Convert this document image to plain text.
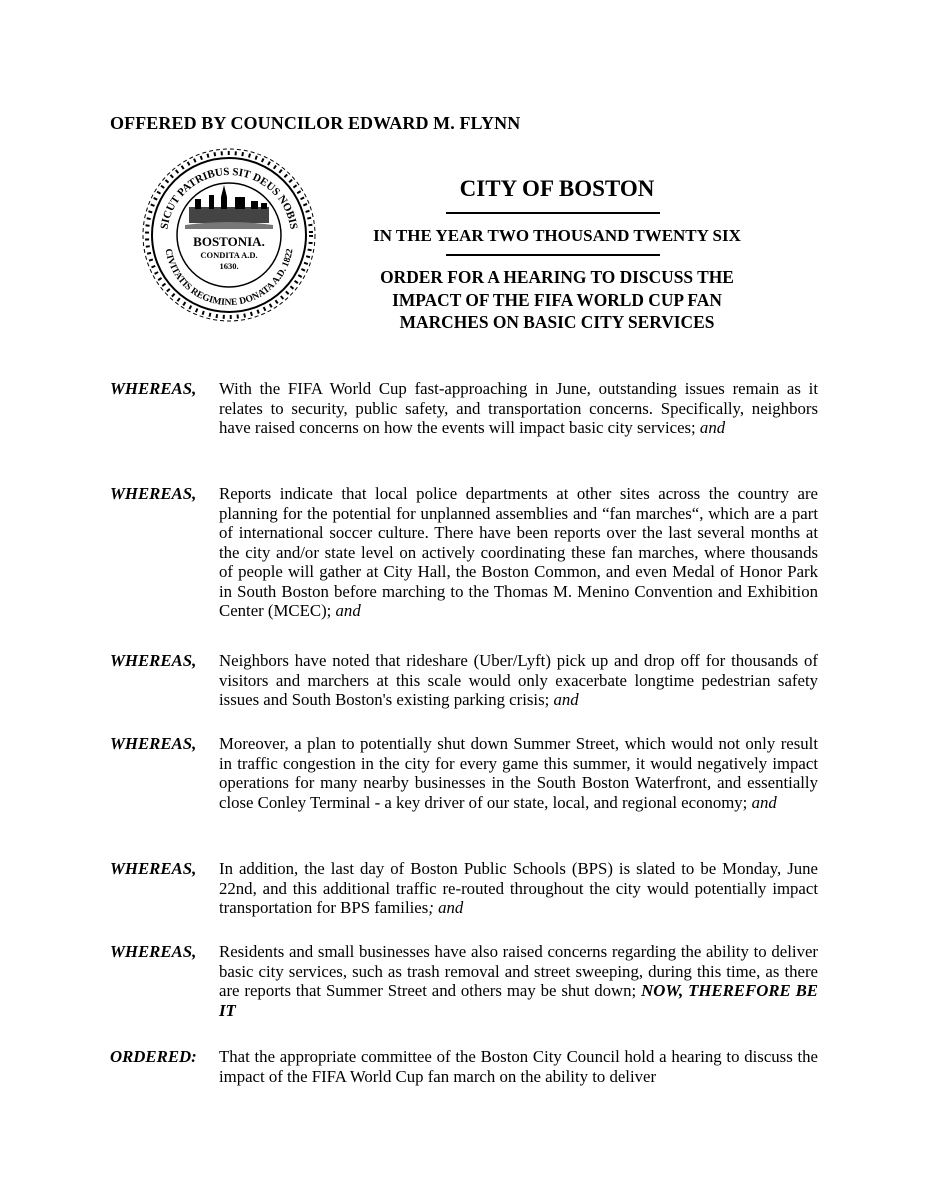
OFFERED BY COUNCILOR EDWARD M. FLYNN
SICUT PATRIBUS SIT DEUS NOBIS
CIVITATIS REGIMINE DONATA A.D. 1822
BOSTONIA.
CONDITA A.D.
1630.
CITY OF BOSTON
IN THE YEAR TWO THOUSAND TWENTY SIX
ORDER FOR A HEARING TO DISCUSS THE
IMPACT OF THE FIFA WORLD CUP FAN
MARCHES ON BASIC CITY SERVICES
WHEREAS, With the FIFA World Cup fast-approaching in June, outstanding issues remain as it relates to security, public safety, and transportation concerns. Specifically, neighbors have raised concerns on how the events will impact basic city services; and
WHEREAS, Reports indicate that local police departments at other sites across the country are planning for the potential for unplanned assemblies and “fan marches“, which are a part of international soccer culture. There have been reports over the last several months at the city and/or state level on actively coordinating these fan marches, where thousands of people will gather at City Hall, the Boston Common, and even Medal of Honor Park in South Boston before marching to the Thomas M. Menino Convention and Exhibition Center (MCEC); and
WHEREAS, Neighbors have noted that rideshare (Uber/Lyft) pick up and drop off for thousands of visitors and marchers at this scale would only exacerbate longtime pedestrian safety issues and South Boston's existing parking crisis; and
WHEREAS, Moreover, a plan to potentially shut down Summer Street, which would not only result in traffic congestion in the city for every game this summer, it would negatively impact operations for many nearby businesses in the South Boston Waterfront, and essentially close Conley Terminal - a key driver of our state, local, and regional economy; and
WHEREAS, In addition, the last day of Boston Public Schools (BPS) is slated to be Monday, June 22nd, and this additional traffic re-routed throughout the city would potentially impact transportation for BPS families; and
WHEREAS, Residents and small businesses have also raised concerns regarding the ability to deliver basic city services, such as trash removal and street sweeping, during this time, as there are reports that Summer Street and others may be shut down; NOW, THEREFORE BE IT
ORDERED: That the appropriate committee of the Boston City Council hold a hearing to discuss the impact of the FIFA World Cup fan march on the ability to deliver
